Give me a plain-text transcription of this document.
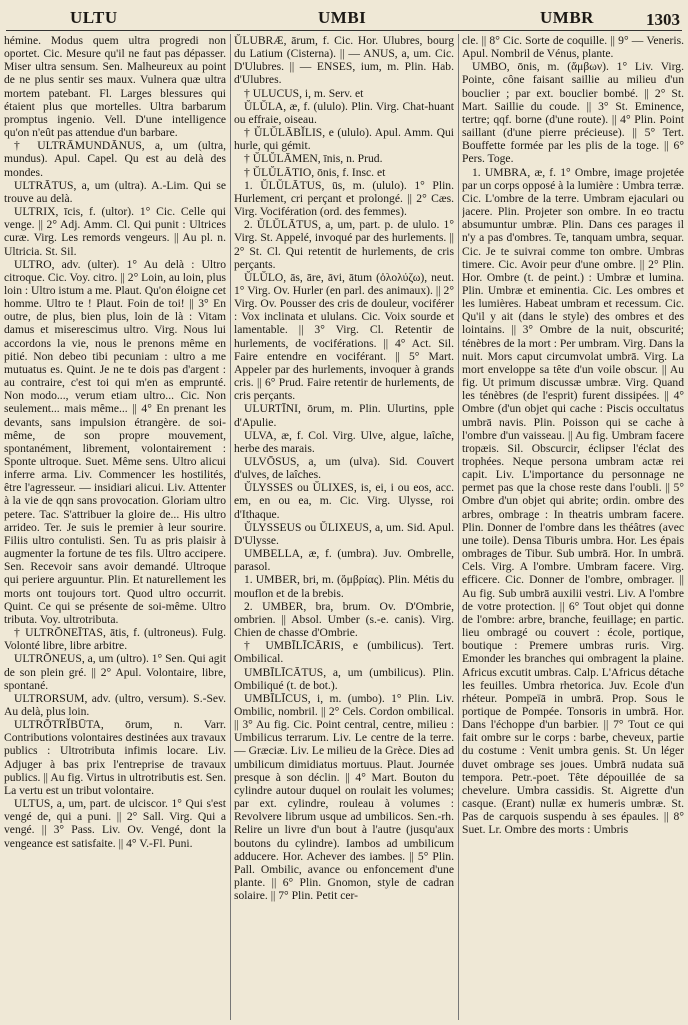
ULTU	UMBI	UMBR	1303
hémine. Modus quem ultra progredi non oportet. Cic. Mesure qu'il ne faut pas dépasser. Miser ultra sensum. Sen. Malheureux au point de ne plus sentir ses maux. Vulnera quæ ultra mortem patebant. Fl. Larges blessures qui étaient plus que mortelles. Ultra barbarum promptus ingenio. Vell. D'une intelligence qu'on n'eût pas attendue d'un barbare.
† ULTRĀMUNDĀNUS, a, um (ultra, mundus). Apul. Capel. Qu est au delà des mondes.
ULTRĀTUS, a, um (ultra). A.-Lim. Qui se trouve au delà.
ULTRIX, īcis, f. (ultor). 1° Cic. Celle qui venge. || 2° Adj. Amm. Cl. Qui punit : Ultrices curæ. Virg. Les remords vengeurs. || Au pl. n. Ultricia. St. Sil.
ULTRO, adv. (ulter). 1° Au delà : Ultro citroque. Cic. Voy. citro. || 2° Loin, au loin, plus loin : Ultro istum a me. Plaut. Qu'on éloigne cet homme. Ultro te ! Plaut. Foin de toi! || 3° En outre, de plus, bien plus, loin de là : Vitam damus et miserescimus ultro. Virg. Nous lui accordons la vie, nous le prenons même en pitié. Non debeo tibi pecuniam : ultro a me mutuatus es. Quint. Je ne te dois pas d'argent : au contraire, c'est toi qui m'en as emprunté. Non modo..., verum etiam ultro... Cic. Non seulement... mais même... || 4° En prenant les devants, sans impulsion étrangère. de soi-même, de son propre mouvement, spontanément, librement, volontairement : Sponte ultroque. Suet. Même sens. Ultro alicui inferre arma. Liv. Commencer les hostilités, être l'agresseur. — insidiari alicui. Liv. Attenter à la vie de qqn sans provocation. Gloriam ultro petere. Tac. S'attribuer la gloire de... His ultro arrideo. Ter. Je suis le premier à leur sourire. Filiis ultro contulisti. Sen. Tu as pris plaisir à augmenter la fortune de tes fils. Ultro accipere. Sen. Recevoir sans avoir demandé. Ultroque qui periere arguuntur. Plin. Et naturellement les morts ont toujours tort. Quod ultro occurrit. Quint. Ce qui se présente de soi-même. Ultro tributa. Voy. ultrotributa.
† ULTRŌNEĪTAS, ātis, f. (ultroneus). Fulg. Volonté libre, libre arbitre.
ULTRŌNEUS, a, um (ultro). 1° Sen. Qui agit de son plein gré. || 2° Apul. Volontaire, libre, spontané.
ULTRORSUM, adv. (ultro, versum). S.-Sev. Au delà, plus loin.
ULTRŌTRĬBŪTA, ōrum, n. Varr. Contributions volontaires destinées aux travaux publics : Ultrotributa infimis locare. Liv. Adjuger à bas prix l'entreprise de travaux publics. || Au fig. Virtus in ultrotributis est. Sen. La vertu est un tribut volontaire.
ULTUS, a, um, part. de ulciscor. 1° Qui s'est vengé de, qui a puni. || 2° Sall. Virg. Qui a vengé. || 3° Pass. Liv. Ov. Vengé, dont la vengeance est satisfaite. || 4° V.-Fl. Puni.
ŬLUBRÆ, ārum, f. Cic. Hor. Ulubres, bourg du Latium (Cisterna). || — ANUS, a, um. Cic. D'Ulubres. || — ENSES, ium, m. Plin. Hab. d'Ulubres.
† ULUCUS, i, m. Serv. et
ŬLŬLA, æ, f. (ululo). Plin. Virg. Chat-huant ou effraie, oiseau.
† ŬLŬLĀBĬLIS, e (ululo). Apul. Amm. Qui hurle, qui gémit.
† ŬLŬLĀMEN, īnis, n. Prud.
† ŬLŬLĀTIO, ōnis, f. Insc. et
1. ŬLŬLĀTUS, ūs, m. (ululo). 1° Plin. Hurlement, cri perçant et prolongé. || 2° Cæs. Virg. Vocifération (ord. des femmes).
2. ŬLŬLĀTUS, a, um, part. p. de ululo. 1° Virg. St. Appelé, invoqué par des hurlements. || 2° St. Cl. Qui retentit de hurlements, de cris perçants.
ŬLŬLO, ās, āre, āvi, ātum (ὀλολύζω), neut. 1° Virg. Ov. Hurler (en parl. des animaux). || 2° Virg. Ov. Pousser des cris de douleur, vociférer : Vox inclinata et ululans. Cic. Voix sourde et lamentable. || 3° Virg. Cl. Retentir de hurlements, de vociférations. || 4° Act. Sil. Faire entendre en vociférant. || 5° Mart. Appeler par des hurlements, invoquer à grands cris. || 6° Prud. Faire retentir de hurlements, de cris perçants.
ULURTĪNI, ōrum, m. Plin. Ulurtins, pple d'Apulie.
ULVA, æ, f. Col. Virg. Ulve, algue, laîche, herbe des marais.
ULVŌSUS, a, um (ulva). Sid. Couvert d'ulves, de laîches.
ŬLYSSES ou ŬLIXES, is, ei, i ou eos, acc. em, en ou ea, m. Cic. Virg. Ulysse, roi d'Ithaque.
ŬLYSSEUS ou ŬLIXEUS, a, um. Sid. Apul. D'Ulysse.
UMBELLA, æ, f. (umbra). Juv. Ombrelle, parasol.
1. UMBER, bri, m. (ὄμβρίας). Plin. Métis du mouflon et de la brebis.
2. UMBER, bra, brum. Ov. D'Ombrie, ombrien. || Absol. Umber (s.-e. canis). Virg. Chien de chasse d'Ombrie.
† UMBĪLĪCĀRIS, e (umbilicus). Tert. Ombilical.
UMBĪLĪCĀTUS, a, um (umbilicus). Plin. Ombiliqué (t. de bot.).
UMBĪLĪCUS, i, m. (umbo). 1° Plin. Liv. Ombilic, nombril. || 2° Cels. Cordon ombilical. || 3° Au fig. Cic. Point central, centre, milieu : Umbilicus terrarum. Liv. Le centre de la terre. — Græciæ. Liv. Le milieu de la Grèce. Dies ad umbilicum dimidiatus mortuus. Plaut. Journée presque à son déclin. || 4° Mart. Bouton du cylindre autour duquel on roulait les volumes; par ext. cylindre, rouleau à volumes : Revolvere librum usque ad umbilicos. Sen.-rh. Relire un livre d'un bout à l'autre (jusqu'aux boutons du cylindre). Iambos ad umbilicum adducere. Hor. Achever des iambes. || 5° Plin. Pall. Ombilic, avance ou enfoncement d'une plante. || 6° Plin. Gnomon, style de cadran solaire. || 7° Plin. Petit cer-
cle. || 8° Cic. Sorte de coquille. || 9° — Veneris. Apul. Nombril de Vénus, plante.
UMBO, ōnis, m. (ἄμβων). 1° Liv. Virg. Pointe, cône faisant saillie au milieu d'un bouclier ; par ext. bouclier bombé. || 2° St. Mart. Saillie du coude. || 3° St. Eminence, tertre; qqf. borne (d'une route). || 4° Plin. Point saillant (d'une pierre précieuse). || 5° Tert. Bouffette formée par les plis de la toge. || 6° Pers. Toge.
1. UMBRA, æ, f. 1° Ombre, image projetée par un corps opposé à la lumière : Umbra terræ. Cic. L'ombre de la terre. Umbram ejaculari ou jacere. Plin. Projeter son ombre. In eo tractu absumuntur umbræ. Plin. Dans ces parages il n'y a pas d'ombres. Te, tanquam umbra, sequar. Cic. Je te suivrai comme ton ombre. Umbras timere. Cic. Avoir peur d'une ombre. || 2° Plin. Hor. Ombre (t. de peint.) : Umbræ et lumina. Plin. Umbræ et eminentia. Cic. Les ombres et les lumières. Habeat umbram et recessum. Cic. Qu'il y ait (dans le style) des ombres et des lointains. || 3° Ombre de la nuit, obscurité; ténèbres de la mort : Per umbram. Virg. Dans la nuit. Mors caput circumvolat umbrā. Virg. La mort enveloppe sa tête d'un voile obscur. || Au fig. Ut primum discussæ umbræ. Virg. Quand les ténèbres (de l'esprit) furent dissipées. || 4° Ombre (d'un objet qui cache : Piscis occultatus umbrā navis. Plin. Poisson qui se cache à l'ombre d'un vaisseau. || Au fig. Umbram facere tropæis. Sil. Obscurcir, éclipser l'éclat des trophées. Neque persona umbram actæ rei capit. Liv. L'importance du personnage ne permet pas que la chose reste dans l'oubli. || 5° Ombre d'un objet qui abrite; ordin. ombre des arbres, ombrage : In theatris umbram facere. Plin. Donner de l'ombre dans les théâtres (avec une toile). Densa Tiburis umbra. Hor. Les épais ombrages de Tibur. Sub umbrā. Hor. In umbrā. Cels. Virg. A l'ombre. Umbram facere. Virg. efficere. Cic. Donner de l'ombre, ombrager. || Au fig. Sub umbrā auxilii vestri. Liv. A l'ombre de votre protection. || 6° Tout objet qui donne de l'ombre: arbre, branche, feuillage; en partic. lieu ombragé ou couvert : école, portique, boutique : Premere umbras ruris. Virg. Emonder les branches qui ombragent la plaine. Africus excutit umbras. Calp. L'Africus détache les feuilles. Umbra rhetorica. Juv. Ecole d'un rhéteur. Pompeïā in umbrā. Prop. Sous le portique de Pompée. Tonsoris in umbrā. Hor. Dans l'échoppe d'un barbier. || 7° Tout ce qui fait ombre sur le corps : barbe, cheveux, partie du costume : Venit umbra genis. St. Un léger duvet ombrage ses joues. Umbrā nudata suā tempora. Petr.-poet. Tête dépouillée de sa chevelure. Umbra cassidis. St. Aigrette d'un casque. (Erant) nullæ ex humeris umbræ. St. Pas de carquois suspendu à ses épaules. || 8° Suet. Lr. Ombre des morts : Umbris
